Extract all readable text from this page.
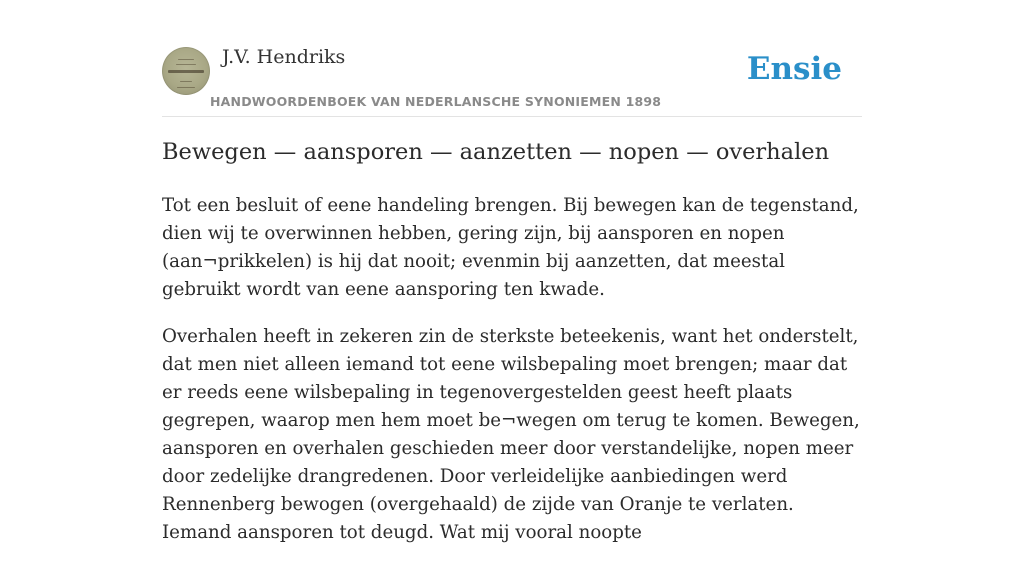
J.V. Hendriks
HANDWOORDENBOEK VAN NEDERLANSCHE SYNONIEMEN 1898
Ensie
Bewegen — aansporen — aanzetten — nopen — overhalen

Tot een besluit of eene handeling brengen. Bij bewegen kan de tegenstand, dien wij te overwinnen hebben, gering zijn, bij aansporen en nopen (aan¬prikkelen) is hij dat nooit; evenmin bij aanzetten, dat meestal gebruikt wordt van eene aansporing ten kwade.

Overhalen heeft in zekeren zin de sterkste beteekenis, want het onderstelt, dat men niet alleen iemand tot eene wilsbepaling moet brengen; maar dat er reeds eene wilsbepaling in tegenovergestelden geest heeft plaats gegrepen, waarop men hem moet be¬wegen om terug te komen. Bewegen, aansporen en overhalen geschieden meer door verstandelijke, nopen meer door zedelijke drangredenen. Door verleidelijke aanbiedingen werd Rennenberg bewogen (overgehaald) de zijde van Oranje te verlaten. Iemand aansporen tot deugd. Wat mij vooral noopte
